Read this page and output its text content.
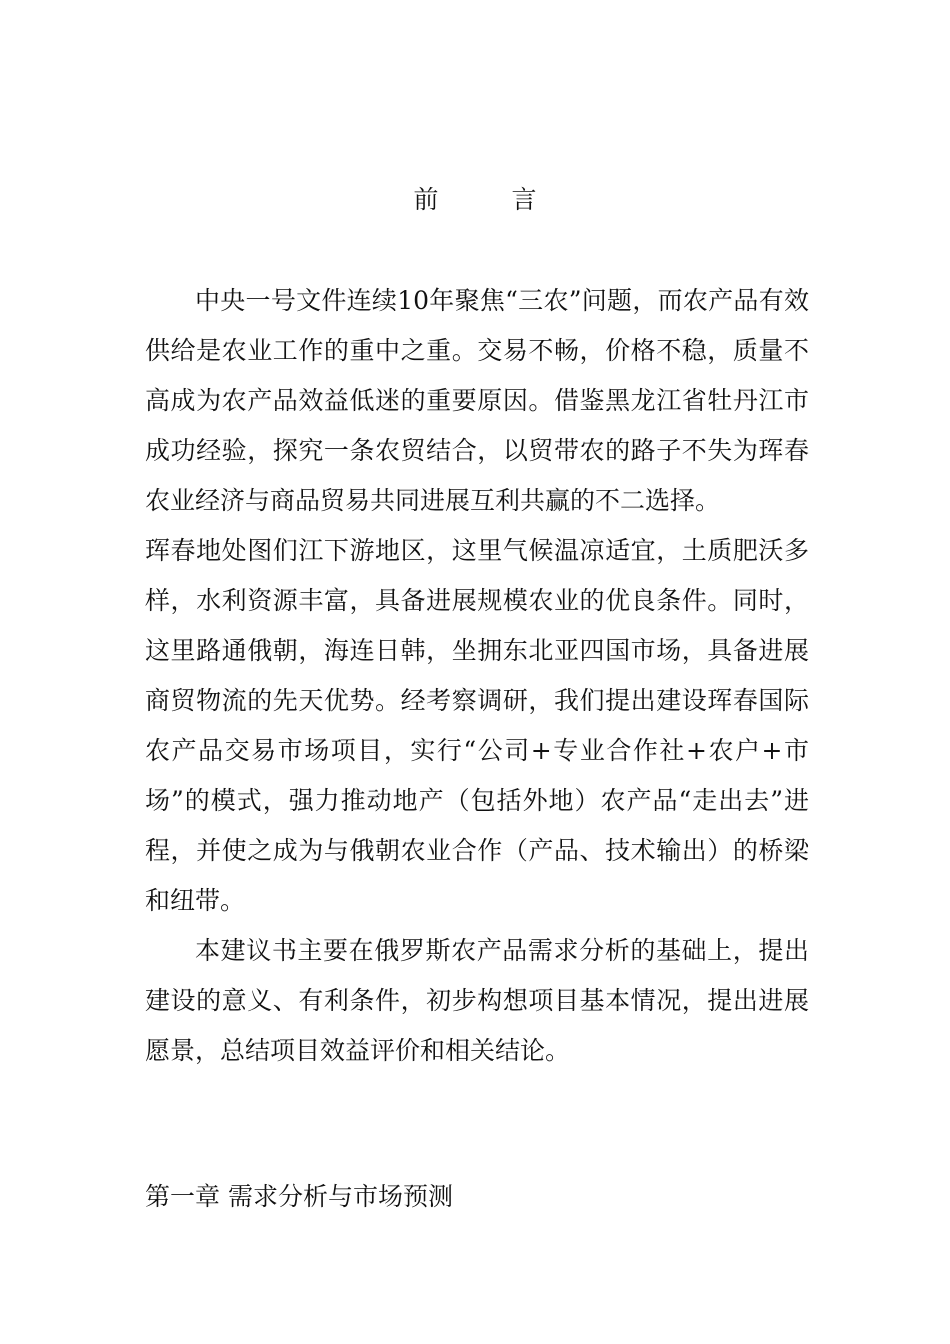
前　言

中央一号文件连续10年聚焦“三农”问题，而农产品有效供给是农业工作的重中之重。交易不畅，价格不稳，质量不高成为农产品效益低迷的重要原因。借鉴黑龙江省牡丹江市成功经验，探究一条农贸结合，以贸带农的路子不失为珲春农业经济与商品贸易共同进展互利共赢的不二选择。

珲春地处图们江下游地区，这里气候温凉适宜，土质肥沃多样，水利资源丰富，具备进展规模农业的优良条件。同时，这里路通俄朝，海连日韩，坐拥东北亚四国市场，具备进展商贸物流的先天优势。经考察调研，我们提出建设珲春国际农产品交易市场项目，实行“公司+专业合作社+农户+市场”的模式，强力推动地产（包括外地）农产品“走出去”进程，并使之成为与俄朝农业合作（产品、技术输出）的桥梁和纽带。

本建议书主要在俄罗斯农产品需求分析的基础上，提出建设的意义、有利条件，初步构想项目基本情况，提出进展愿景，总结项目效益评价和相关结论。

第一章 需求分析与市场预测
